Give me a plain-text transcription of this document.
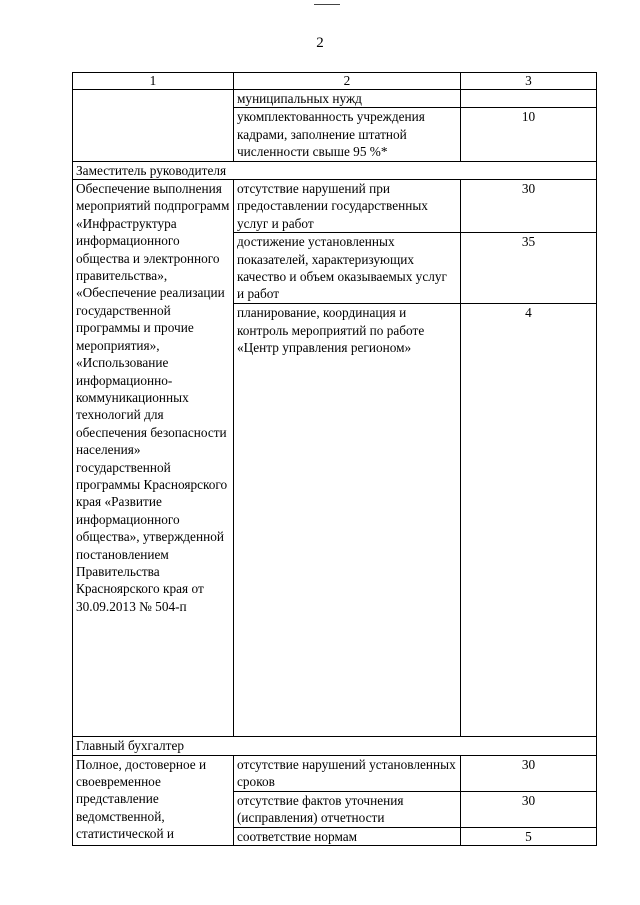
2
1	2	3
	муниципальных нужд	
	укомплектованность учреждения кадрами, заполнение штатной численности свыше 95 %*	10
Заместитель руководителя		
Обеспечение выполнения мероприятий подпрограмм «Инфраструктура информационного общества и электронного правительства», «Обеспечение реализации государственной программы и прочие мероприятия», «Использование информационно-коммуникационных технологий для обеспечения безопасности населения» государственной программы Красноярского края «Развитие информационного общества», утвержденной постановлением Правительства Красноярского края от 30.09.2013 № 504-п	отсутствие нарушений при предоставлении государственных услуг и работ	30
	достижение установленных показателей, характеризующих качество и объем оказываемых услуг и работ	35
	планирование, координация и контроль мероприятий по работе «Центр управления регионом»	4
Главный бухгалтер		
Полное, достоверное и своевременное представление ведомственной, статистической и	отсутствие нарушений установленных сроков	30
	отсутствие фактов уточнения (исправления) отчетности	30
	соответствие нормам	5
